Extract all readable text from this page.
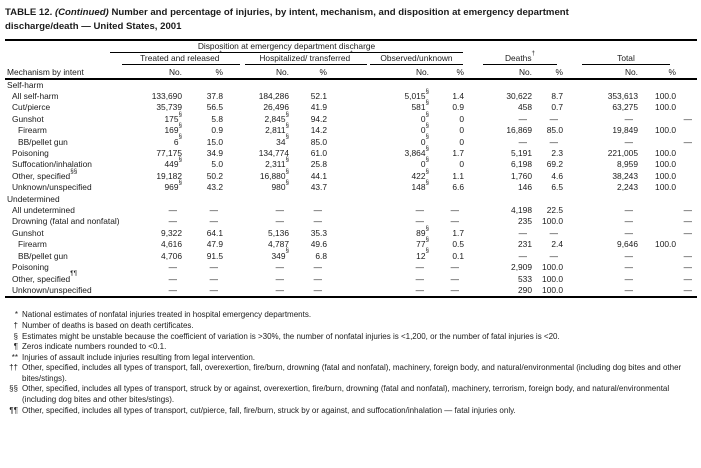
TABLE 12. (Continued) Number and percentage of injuries, by intent, mechanism, and disposition at emergency department
discharge/death — United States, 2001
Disposition at emergency department discharge
Treated and released*	Hospitalized/ transferred*	Observed/unknown	Deaths†	Total
Mechanism by intent	No.	%	No.	%		No.	%	No.	%	No.	%
Self-harm											
All self-harm	133,690	37.8	184,286	52.1		5,015§	1.4	30,622	8.7	353,613	100.0
Cut/pierce	35,739	56.5	26,496	41.9		581§	0.9	458	0.7	63,275	100.0
Gunshot	175§	5.8	2,845§	94.2		0§	0	—	—	—	—
Firearm	169§	0.9	2,811§	14.2		0§	0	16,869	85.0	19,849	100.0
BB/pellet gun	6§	15.0	34§	85.0		0§	0	—	—	—	—
Poisoning	77,175	34.9	134,774	61.0		3,864§	1.7	5,191	2.3	221,005	100.0
Suffocation/inhalation	449§	5.0	2,311§	25.8		0§	0	6,198	69.2	8,959	100.0
Other, specified§§	19,182	50.2	16,880§	44.1		422§	1.1	1,760	4.6	38,243	100.0
Unknown/unspecified	969§	43.2	980§	43.7		148§	6.6	146	6.5	2,243	100.0
Undetermined											
All undetermined	—	—	—	—		—	—	4,198	22.5	—	—
Drowning (fatal and nonfatal)	—	—	—	—		—	—	235	100.0	—	—
Gunshot	9,322	64.1	5,136	35.3		89§	1.7	—	—	—	—
Firearm	4,616	47.9	4,787	49.6		77§	0.5	231	2.4	9,646	100.0
BB/pellet gun	4,706	91.5	349§	6.8		12§	0.1	—	—	—	—
Poisoning	—	—	—	—		—	—	2,909	100.0	—	—
Other, specified¶¶	—	—	—	—		—	—	533	100.0	—	—
Unknown/unspecified	—	—	—	—		—	—	290	100.0	—	—
* National estimates of nonfatal injuries treated in hospital emergency departments.
† Number of deaths is based on death certificates.
§ Estimates might be unstable because the coefficient of variation is >30%, the number of nonfatal injuries is <1,200, or the number of fatal injuries is <20.
¶ Zeros indicate numbers rounded to <0.1.
** Injuries of assault include injuries resulting from legal intervention.
†† Other, specified, includes all types of transport, fall, overexertion, fire/burn, drowning (fatal and nonfatal), machinery, foreign body, and natural/environmental (including dog bites and other bites/stings).
§§ Other, specified, includes all types of transport, struck by or against, overexertion, fire/burn, drowning (fatal and nonfatal), machinery, terrorism, foreign body, and natural/environmental (including dog bites and other bites/stings).
¶¶ Other, specified, includes all types of transport, cut/pierce, fall, fire/burn, struck by or against, and suffocation/inhalation — fatal injuries only.
